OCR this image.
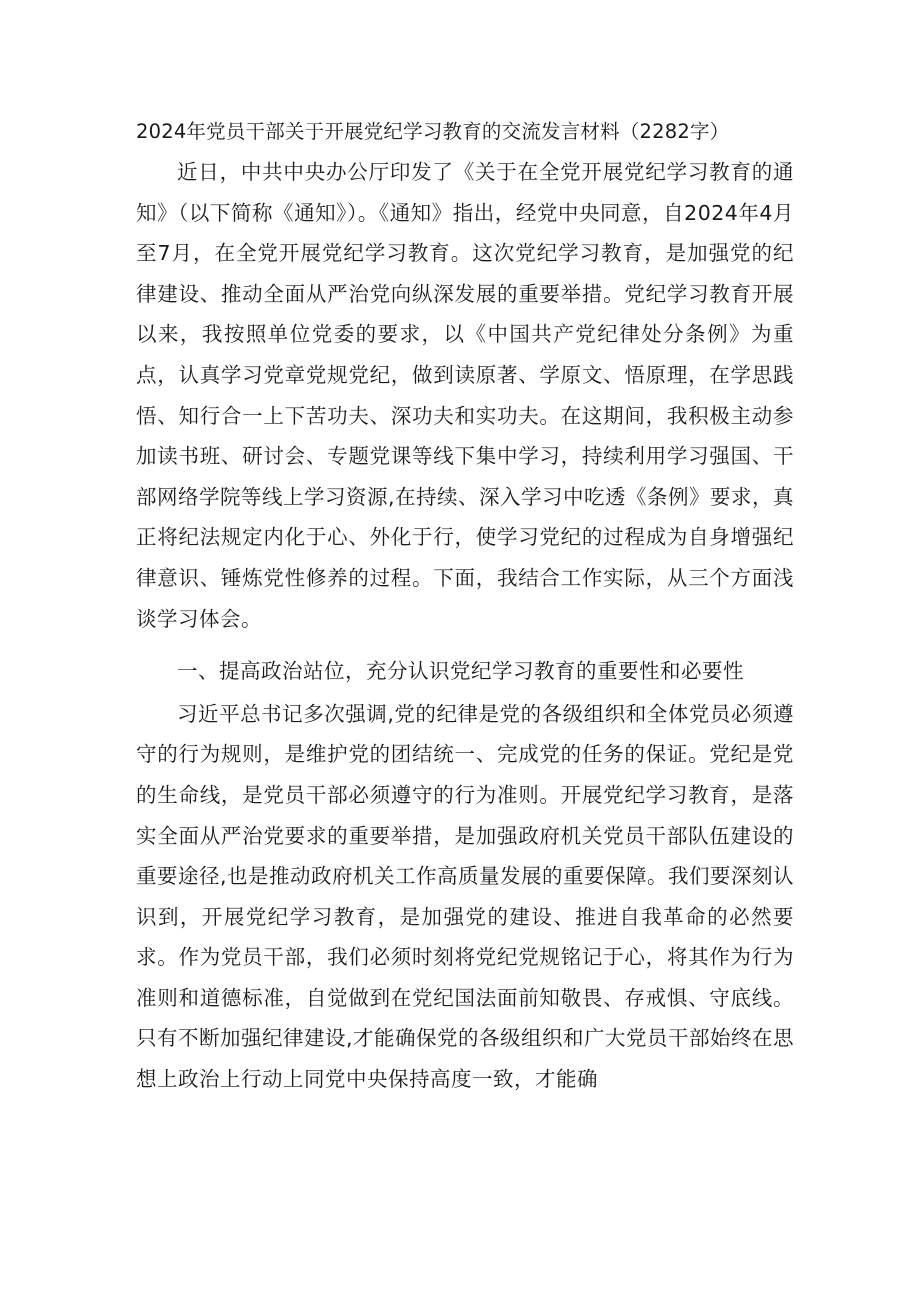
2024年党员干部关于开展党纪学习教育的交流发言材料（2282字）

近日，中共中央办公厅印发了《关于在全党开展党纪学习教育的通知》（以下简称《通知》）。《通知》指出，经党中央同意，自2024年4月至7月，在全党开展党纪学习教育。这次党纪学习教育，是加强党的纪律建设、推动全面从严治党向纵深发展的重要举措。党纪学习教育开展以来，我按照单位党委的要求，以《中国共产党纪律处分条例》为重点，认真学习党章党规党纪，做到读原著、学原文、悟原理，在学思践悟、知行合一上下苦功夫、深功夫和实功夫。在这期间，我积极主动参加读书班、研讨会、专题党课等线下集中学习，持续利用学习强国、干部网络学院等线上学习资源,在持续、深入学习中吃透《条例》要求，真正将纪法规定内化于心、外化于行，使学习党纪的过程成为自身增强纪律意识、锤炼党性修养的过程。下面，我结合工作实际，从三个方面浅谈学习体会。

一、提高政治站位，充分认识党纪学习教育的重要性和必要性

习近平总书记多次强调,党的纪律是党的各级组织和全体党员必须遵守的行为规则，是维护党的团结统一、完成党的任务的保证。党纪是党的生命线，是党员干部必须遵守的行为准则。开展党纪学习教育，是落实全面从严治党要求的重要举措，是加强政府机关党员干部队伍建设的重要途径,也是推动政府机关工作高质量发展的重要保障。我们要深刻认识到，开展党纪学习教育，是加强党的建设、推进自我革命的必然要求。作为党员干部，我们必须时刻将党纪党规铭记于心，将其作为行为准则和道德标准，自觉做到在党纪国法面前知敬畏、存戒惧、守底线。只有不断加强纪律建设,才能确保党的各级组织和广大党员干部始终在思想上政治上行动上同党中央保持高度一致，才能确
